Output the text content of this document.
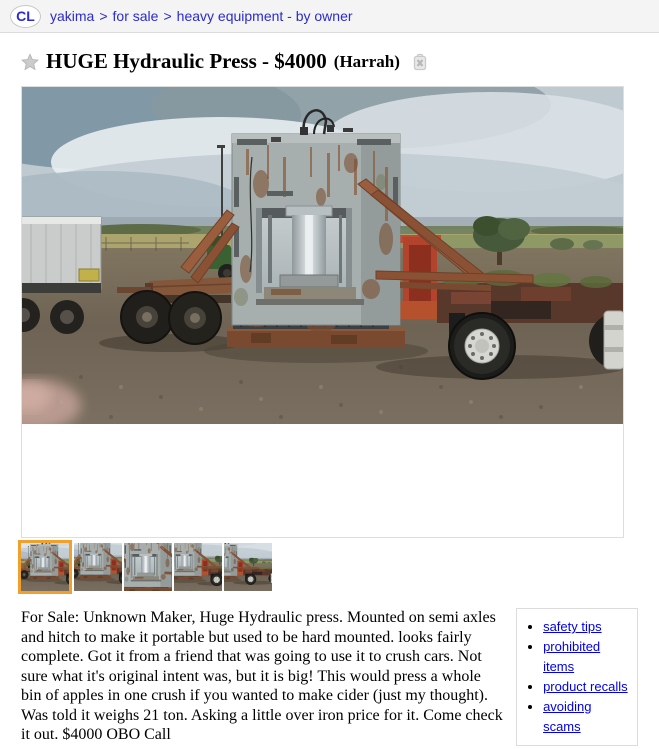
CL	yakima > for sale > heavy equipment - by owner
HUGE Hydraulic Press - $4000 (Harrah)
For Sale: Unknown Maker, Huge Hydraulic press. Mounted on semi axles and hitch to make it portable but used to be hard mounted. looks fairly complete. Got it from a friend that was going to use it to crush cars. Not sure what it's original intent was, but it is big! This would press a whole bin of apples in one crush if you wanted to make cider (just my thought). Was told it weighs 21 ton. Asking a little over iron price for it. Come check it out. $4000 OBO Call
• safety tips
• prohibited items
• product recalls
• avoiding scams
